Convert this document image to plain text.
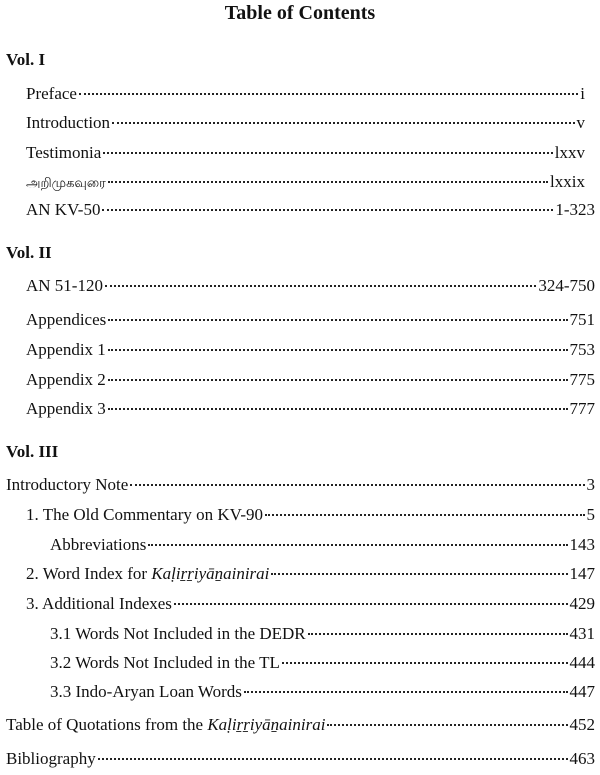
Table of Contents
Vol. I
Preface	i
Introduction	v
Testimonia	lxxv
அறிமுகவுரை	lxxix
AN KV-50	1-323
Vol. II
AN 51-120	324-750
Appendices	751
Appendix 1	753
Appendix 2	775
Appendix 3	777
Vol. III
Introductory Note	3
1. The Old Commentary on KV-90	5
Abbreviations	143
2. Word Index for Kaḷiṟṟiyāṉainirai	147
3. Additional Indexes	429
3.1 Words Not Included in the DEDR	431
3.2 Words Not Included in the TL	444
3.3 Indo-Aryan Loan Words	447
Table of Quotations from the Kaḷiṟṟiyāṉainirai	452
Bibliography	463
